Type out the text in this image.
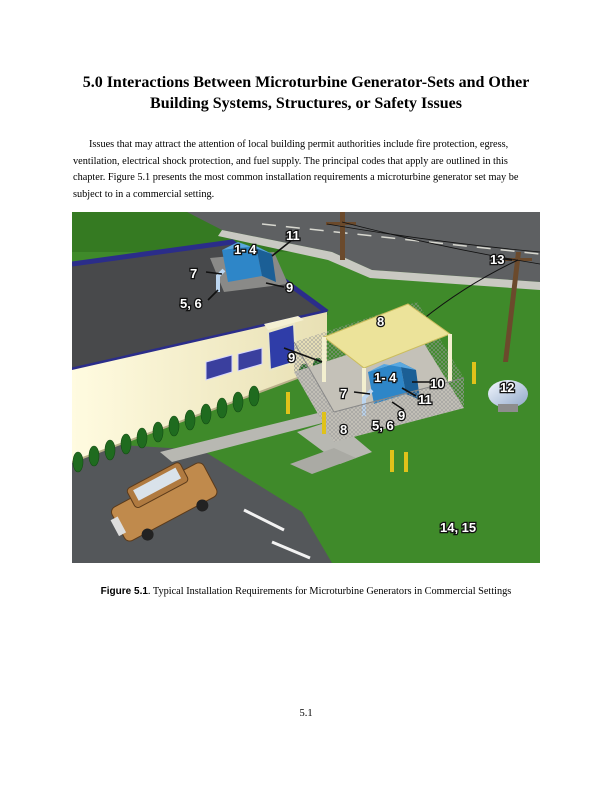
5.0 Interactions Between Microturbine Generator-Sets and Other
Building Systems, Structures, or Safety Issues
Issues that may attract the attention of local building permit authorities include fire protection, egress, ventilation, electrical shock protection, and fuel supply. The principal codes that apply are outlined in this chapter. Figure 5.1 presents the most common installation requirements a microturbine generator set may be subject to in a commercial setting.
1- 4
11
7
9
5, 6
13
8
9
1- 4
7
10
11
9
5, 6
8
12
14, 15
Figure 5.1. Typical Installation Requirements for Microturbine Generators in Commercial Settings
5.1
